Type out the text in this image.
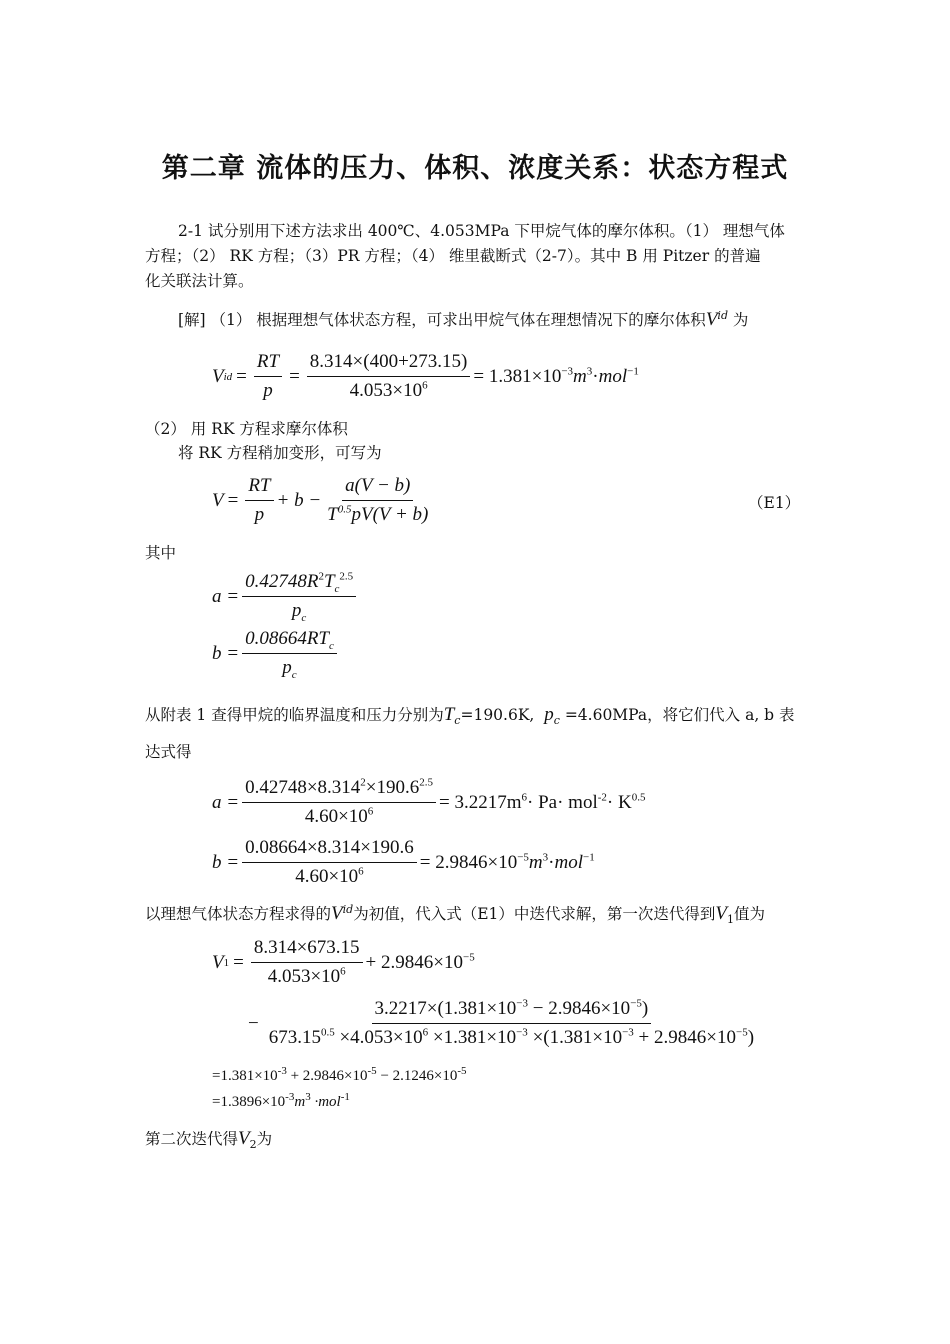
第二章 流体的压力、体积、浓度关系：状态方程式
2-1 试分别用下述方法求出 400℃、4.053MPa 下甲烷气体的摩尔体积。（1） 理想气体
方程；（2） RK 方程；（3）PR 方程；（4） 维里截断式（2-7）。其中 B 用 Pitzer 的普遍
化关联法计算。
[解] （1） 根据理想气体状态方程，可求出甲烷气体在理想情况下的摩尔体积$V^{id}$ 为
V id = $\frac{RT}{p} = \frac{8.314\times(400+273.15)}{4.053\times 10^6} = 1.381\times 10^{-3}m^3\cdot mol^{-1}$
（2） 用 RK 方程求摩尔体积
将 RK 方程稍加变形，可写为
$V = \frac{RT}{p} + b - \frac{a(V - b)}{T^{0.5}pV(V + b)}$	（E1）
其中
$a = \frac{0.42748R^2T_c^{2.5}}{p_c}$
$b = \frac{0.08664RT_c}{p_c}$
从附表 1 查得甲烷的临界温度和压力分别为$T_c=190.6K$, $p_c =4.60MPa$，将它们代入 a, b 表
达式得
$a = \frac{0.42748\times 8.314^2\times 190.6^{2.5}}{4.60\times 10^6} = 3.2217m^6\cdot Pa\cdot mol^{-2}\cdot K^{0.5}$
$b = \frac{0.08664\times 8.314\times 190.6}{4.60\times 10^6} = 2.9846\times 10^{-5}m^3\cdot mol^{-1}$
以理想气体状态方程求得的$V^{id}$为初值，代入式（E1）中迭代求解，第一次迭代得到$V_1$值为
V $1 = \frac{8.314\times 673.15}{4.053\times 10^6} + 2.9846\times 10^{-5}$
− $\frac{3.2217\times(1.381\times 10^{-3} - 2.9846\times 10^{-5})}{673.15^{0.5} \times 4.053\times 10^6 \times 1.381\times 10^{-3} \times(1.381\times 10^{-3} + 2.9846\times 10^{-5})}$
$=1.381\times 10^{-3} + 2.9846\times 10^{-5} - 2.1246\times 10^{-5}$
$=1.3896\times 10^{-3}m^3 \cdot mol^{-1}$
第二次迭代得$V_2$为
